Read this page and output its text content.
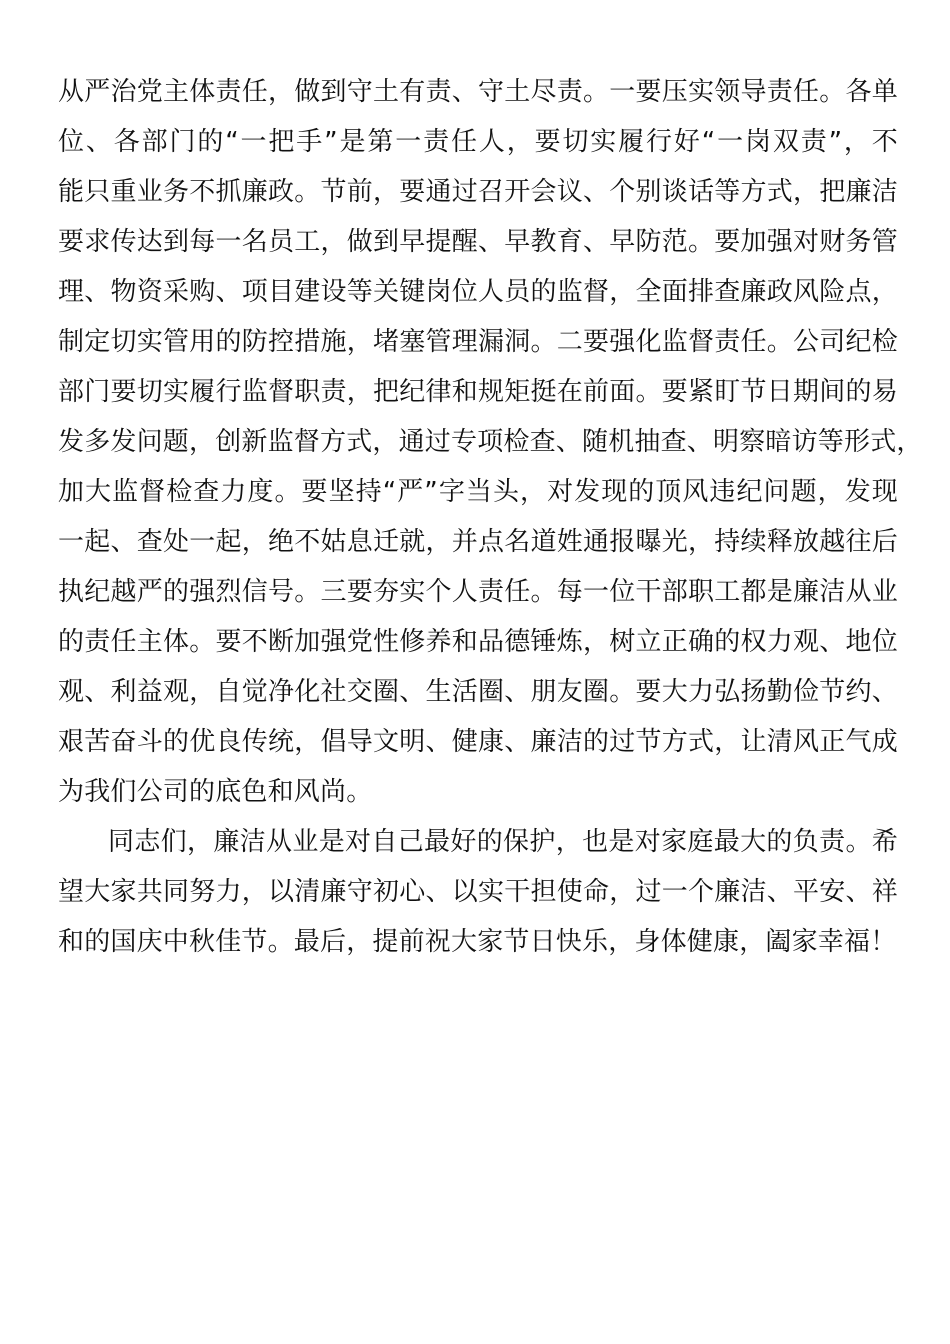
从严治党主体责任，做到守土有责、守土尽责。一要压实领导责任。各单
位、各部门的“一把手”是第一责任人，要切实履行好“一岗双责”，不
能只重业务不抓廉政。节前，要通过召开会议、个别谈话等方式，把廉洁
要求传达到每一名员工，做到早提醒、早教育、早防范。要加强对财务管
理、物资采购、项目建设等关键岗位人员的监督，全面排查廉政风险点，
制定切实管用的防控措施，堵塞管理漏洞。二要强化监督责任。公司纪检
部门要切实履行监督职责，把纪律和规矩挺在前面。要紧盯节日期间的易
发多发问题，创新监督方式，通过专项检查、随机抽查、明察暗访等形式，
加大监督检查力度。要坚持“严”字当头，对发现的顶风违纪问题，发现
一起、查处一起，绝不姑息迁就，并点名道姓通报曝光，持续释放越往后
执纪越严的强烈信号。三要夯实个人责任。每一位干部职工都是廉洁从业
的责任主体。要不断加强党性修养和品德锤炼，树立正确的权力观、地位
观、利益观，自觉净化社交圈、生活圈、朋友圈。要大力弘扬勤俭节约、
艰苦奋斗的优良传统，倡导文明、健康、廉洁的过节方式，让清风正气成
为我们公司的底色和风尚。
同志们，廉洁从业是对自己最好的保护，也是对家庭最大的负责。希
望大家共同努力，以清廉守初心、以实干担使命，过一个廉洁、平安、祥
和的国庆中秋佳节。最后，提前祝大家节日快乐，身体健康，阖家幸福！
